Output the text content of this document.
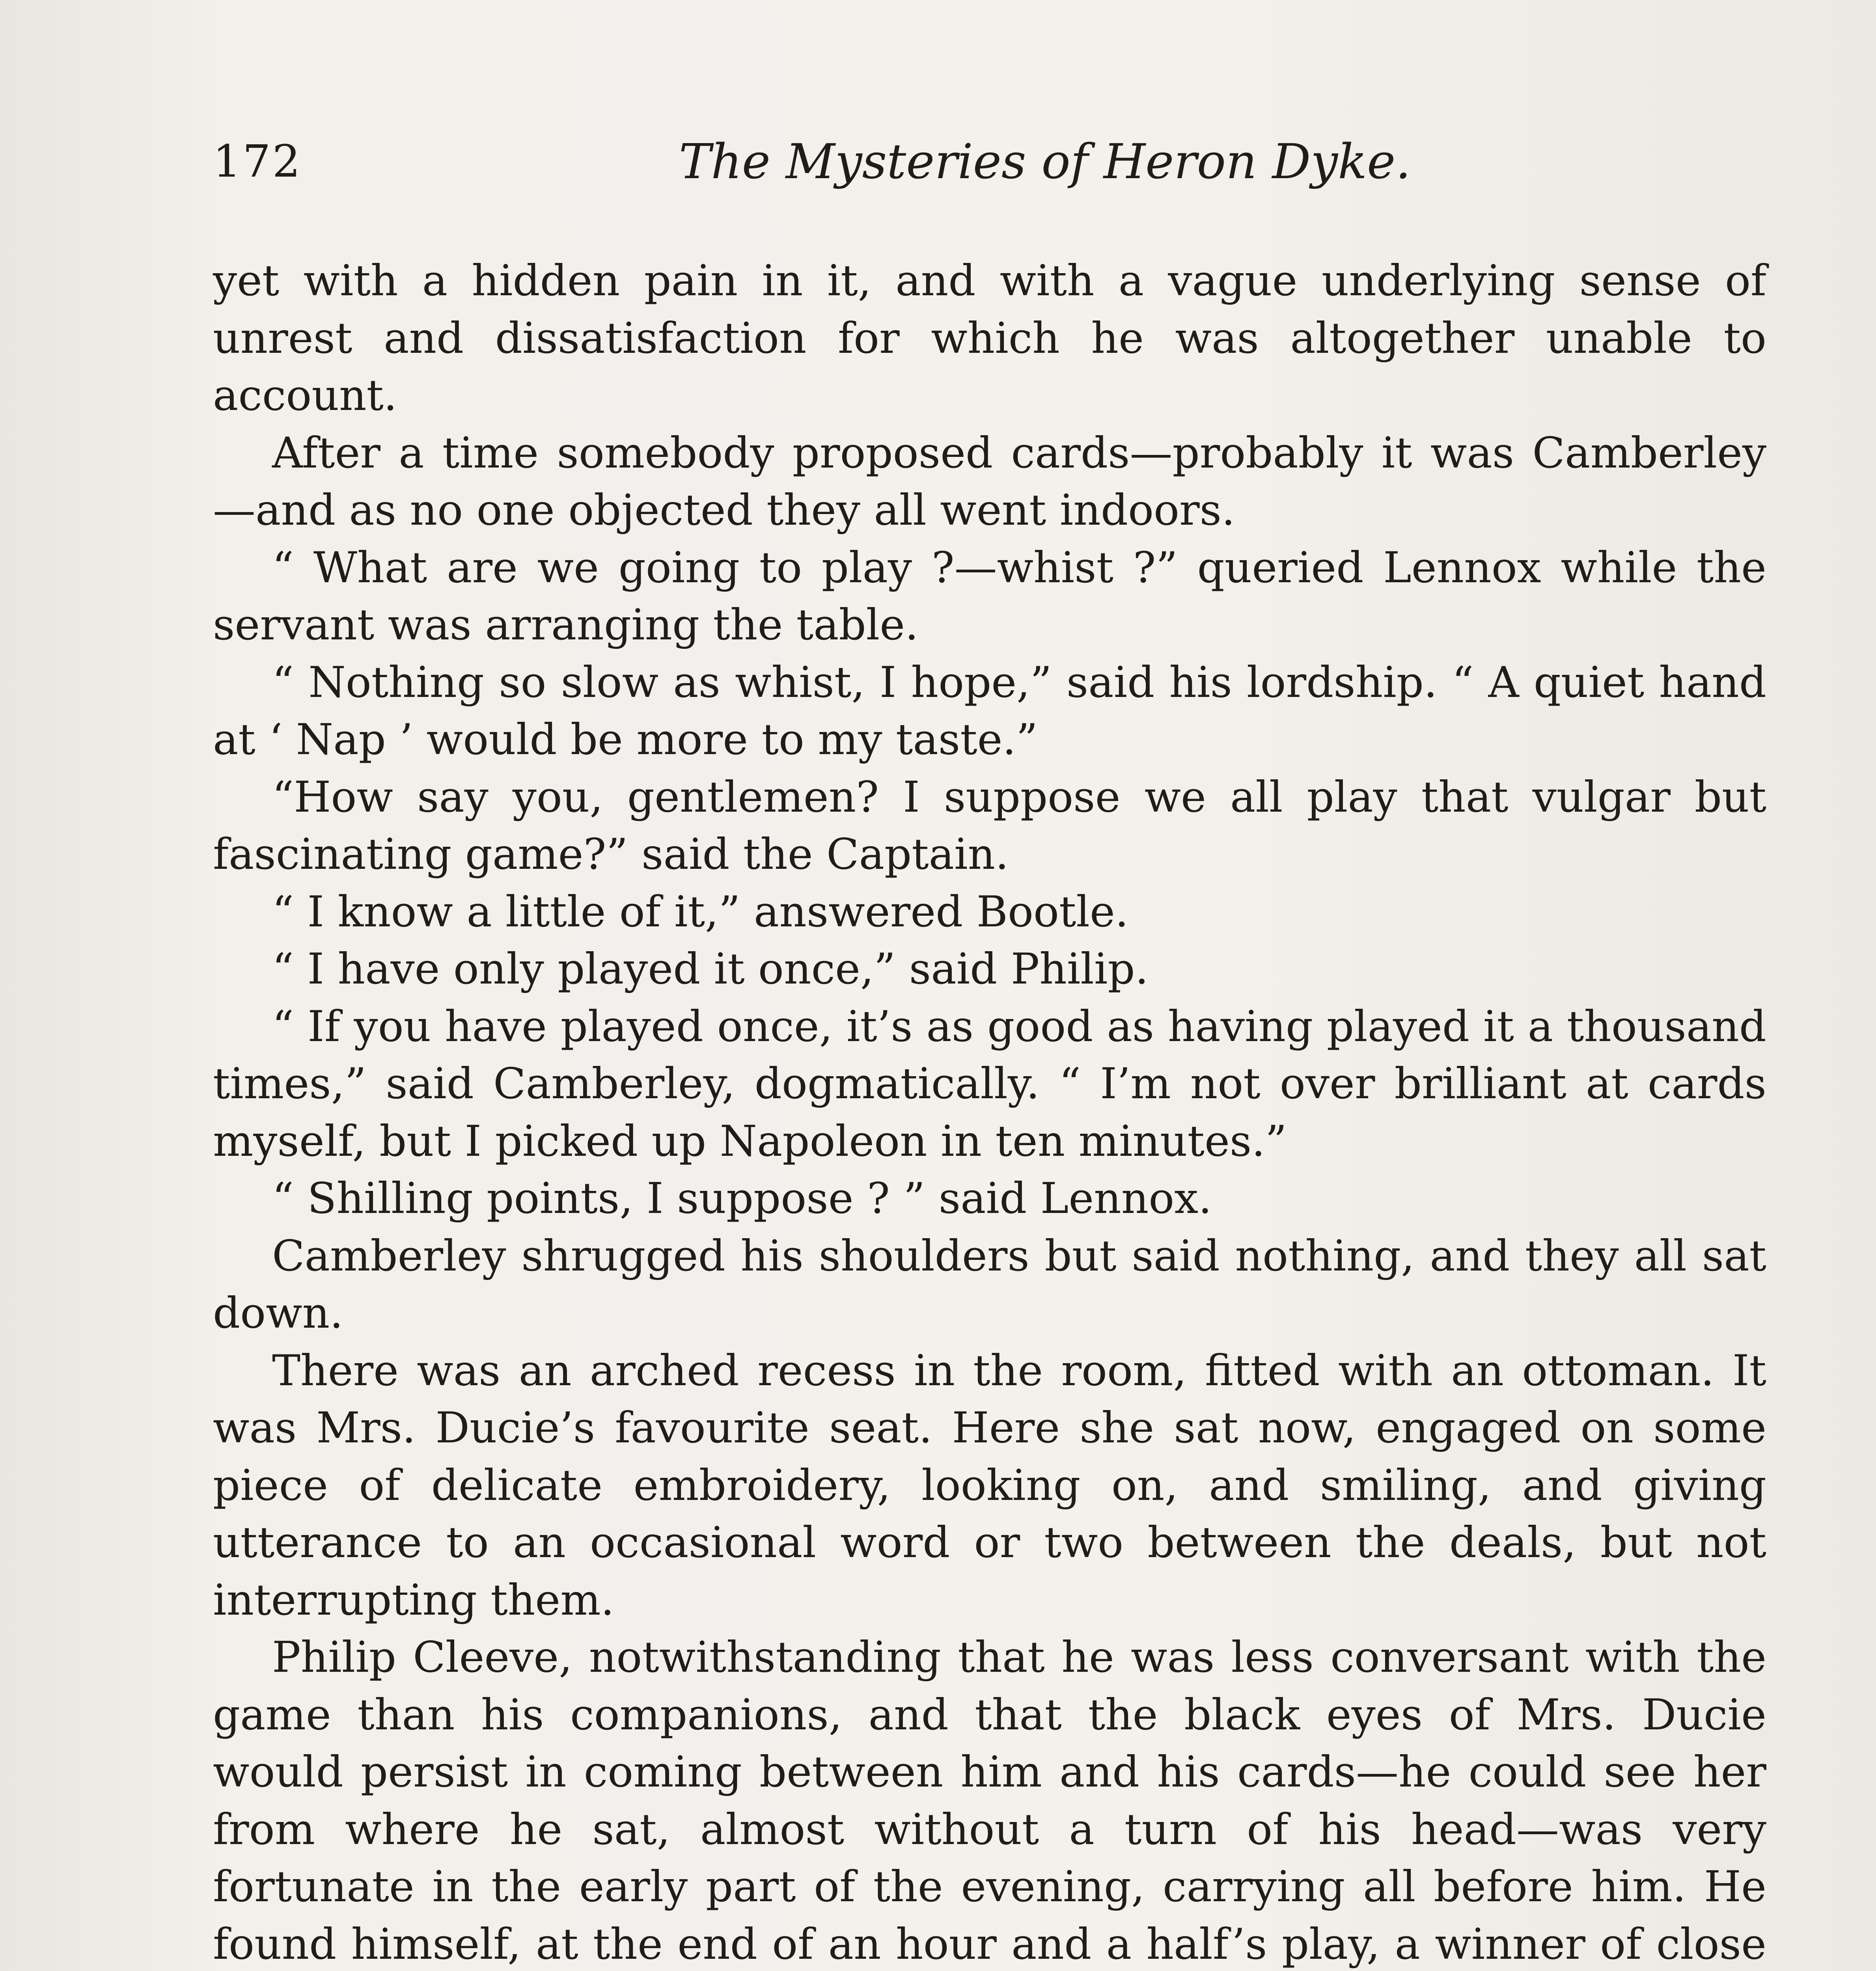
172	The Mysteries of Heron Dyke.

yet with a hidden pain in it, and with a vague underlying sense of unrest and dissatisfaction for which he was altogether unable to account.

After a time somebody proposed cards—probably it was Camberley—and as no one objected they all went indoors.

“ What are we going to play ?—whist ?” queried Lennox while the servant was arranging the table.

“ Nothing so slow as whist, I hope,” said his lordship. “ A quiet hand at ‘ Nap ’ would be more to my taste.”

“How say you, gentlemen? I suppose we all play that vulgar but fascinating game?” said the Captain.

“ I know a little of it,” answered Bootle.

“ I have only played it once,” said Philip.

“ If you have played once, it’s as good as having played it a thousand times,” said Camberley, dogmatically. “ I’m not over brilliant at cards myself, but I picked up Napoleon in ten minutes.”

“ Shilling points, I suppose ? ” said Lennox.

Camberley shrugged his shoulders but said nothing, and they all sat down.

There was an arched recess in the room, fitted with an ottoman. It was Mrs. Ducie’s favourite seat. Here she sat now, engaged on some piece of delicate embroidery, looking on, and smiling, and giving utterance to an occasional word or two between the deals, but not interrupting them.

Philip Cleeve, notwithstanding that he was less conversant with the game than his companions, and that the black eyes of Mrs. Ducie would persist in coming between him and his cards—he could see her from where he sat, almost without a turn of his head—was very fortunate in the early part of the evening, carrying all before him. He found himself, at the end of an hour and a half’s play, a winner of close
